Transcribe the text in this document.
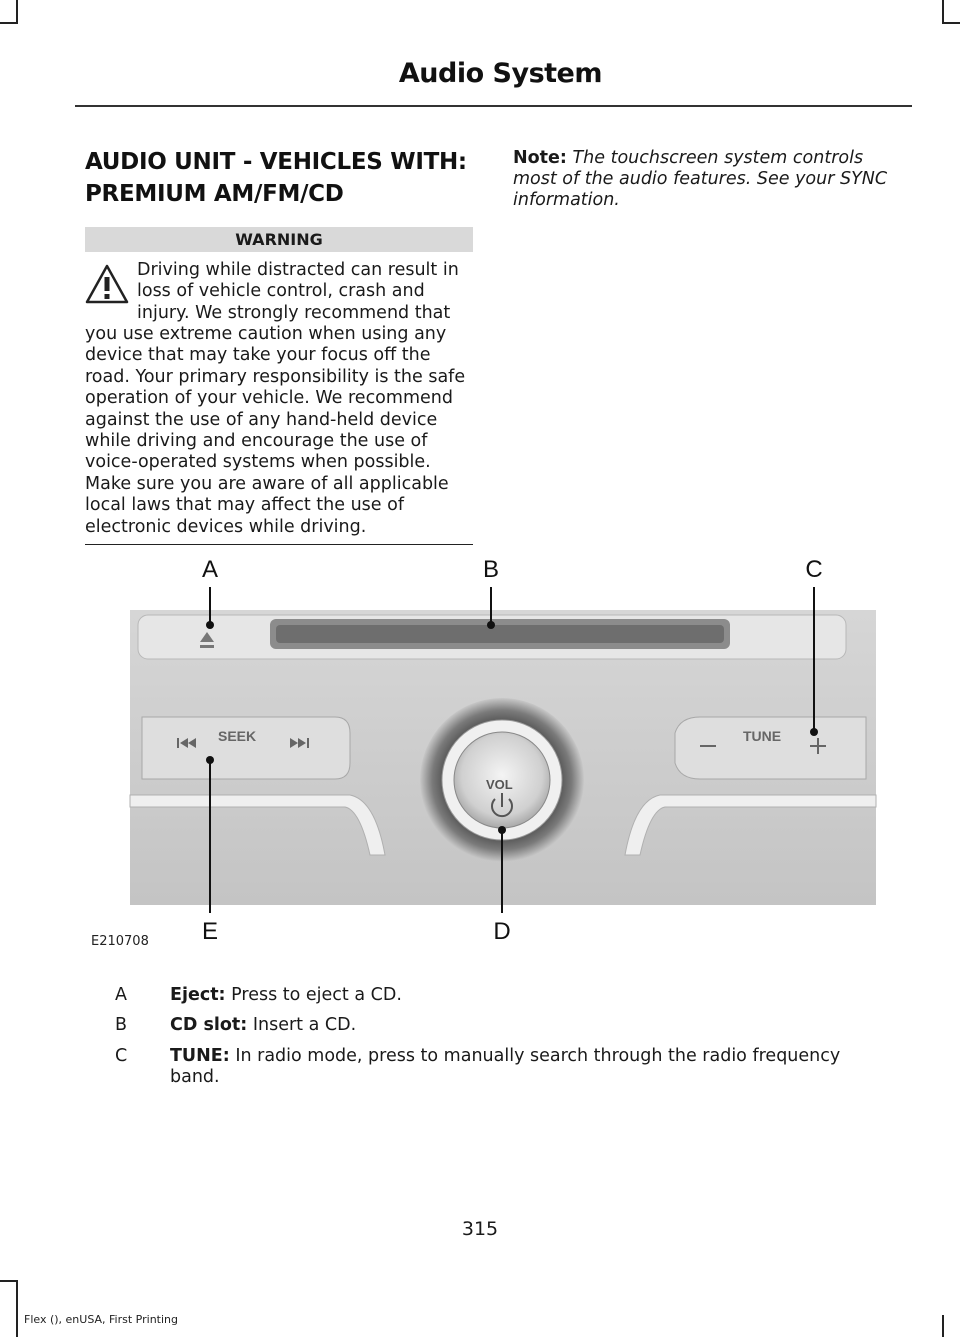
Audio System
AUDIO UNIT - VEHICLES WITH:
PREMIUM AM/FM/CD
WARNING
Driving while distracted can result in loss of vehicle control, crash and injury. We strongly recommend that
you use extreme caution when using any device that may take your focus off the road. Your primary responsibility is the safe operation of your vehicle. We recommend against the use of any hand-held device while driving and encourage the use of voice-operated systems when possible. Make sure you are aware of all applicable local laws that may affect the use of electronic devices while driving.
Note: The touchscreen system controls most of the audio features. See your SYNC information.
SEEK	TUNE
VOL
A	B	C
D
E
E210708
A	Eject: Press to eject a CD.
B	CD slot: Insert a CD.
C	TUNE: In radio mode, press to manually search through the radio frequency band.
315
Flex (), enUSA, First Printing
